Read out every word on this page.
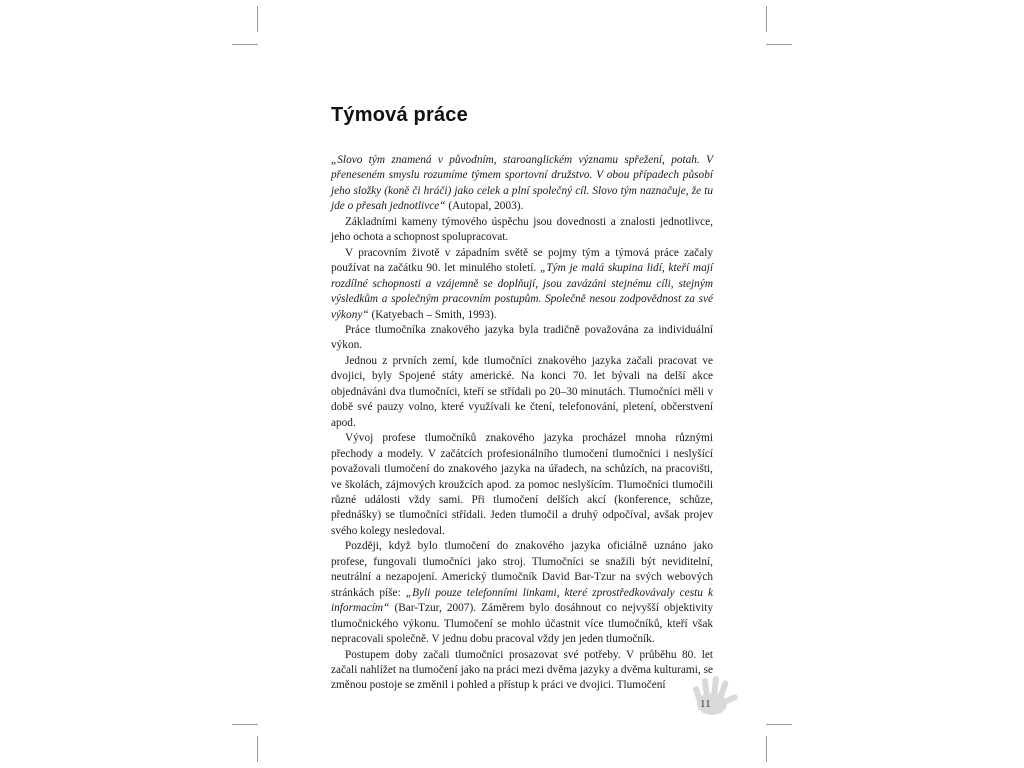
Týmová práce

„Slovo tým znamená v původním, staroanglickém významu spřežení, potah. V přeneseném smyslu rozumíme týmem sportovní družstvo. V obou případech působí jeho složky (koně či hráči) jako celek a plní společný cíl. Slovo tým naznačuje, že tu jde o přesah jednotlivce“ (Autopal, 2003).

Základními kameny týmového úspěchu jsou dovednosti a znalosti jednotlivce, jeho ochota a schopnost spolupracovat.

V pracovním životě v západním světě se pojmy tým a týmová práce začaly používat na začátku 90. let minulého století. „Tým je malá skupina lidí, kteří mají rozdílné schopnosti a vzájemně se doplňují, jsou zavázáni stejnému cíli, stejným výsledkům a společným pracovním postupům. Společně nesou zodpovědnost za své výkony“ (Katyebach – Smith, 1993).

Práce tlumočníka znakového jazyka byla tradičně považována za individuální výkon.

Jednou z prvních zemí, kde tlumočníci znakového jazyka začali pracovat ve dvojici, byly Spojené státy americké. Na konci 70. let bývali na delší akce objednáváni dva tlumočníci, kteří se střídali po 20–30 minutách. Tlumočníci měli v době své pauzy volno, které využívali ke čtení, telefonování, pletení, občerstvení apod.

Vývoj profese tlumočníků znakového jazyka procházel mnoha různými přechody a modely. V začátcích profesionálního tlumočení tlumočníci i neslyšící považovali tlumočení do znakového jazyka na úřadech, na schůzích, na pracovišti, ve školách, zájmových kroužcích apod. za pomoc neslyšícím. Tlumočníci tlumočili různé události vždy sami. Při tlumočení delších akcí (konference, schůze, přednášky) se tlumočníci střídali. Jeden tlumočil a druhý odpočíval, avšak projev svého kolegy nesledoval.

Později, když bylo tlumočení do znakového jazyka oficiálně uznáno jako profese, fungovali tlumočníci jako stroj. Tlumočníci se snažili být neviditelní, neutrální a nezapojení. Americký tlumočník David Bar-Tzur na svých webových stránkách píše: „Byli pouze telefonními linkami, které zprostředkovávaly cestu k informacím“ (Bar-Tzur, 2007). Záměrem bylo dosáhnout co nejvyšší objektivity tlumočnického výkonu. Tlumočení se mohlo účastnit více tlumočníků, kteří však nepracovali společně. V jednu dobu pracoval vždy jen jeden tlumočník.

Postupem doby začali tlumočníci prosazovat své potřeby. V průběhu 80. let začali nahlížet na tlumočení jako na práci mezi dvěma jazyky a dvěma kulturami, se změnou postoje se změnil i pohled a přístup k práci ve dvojici. Tlumočení

11
